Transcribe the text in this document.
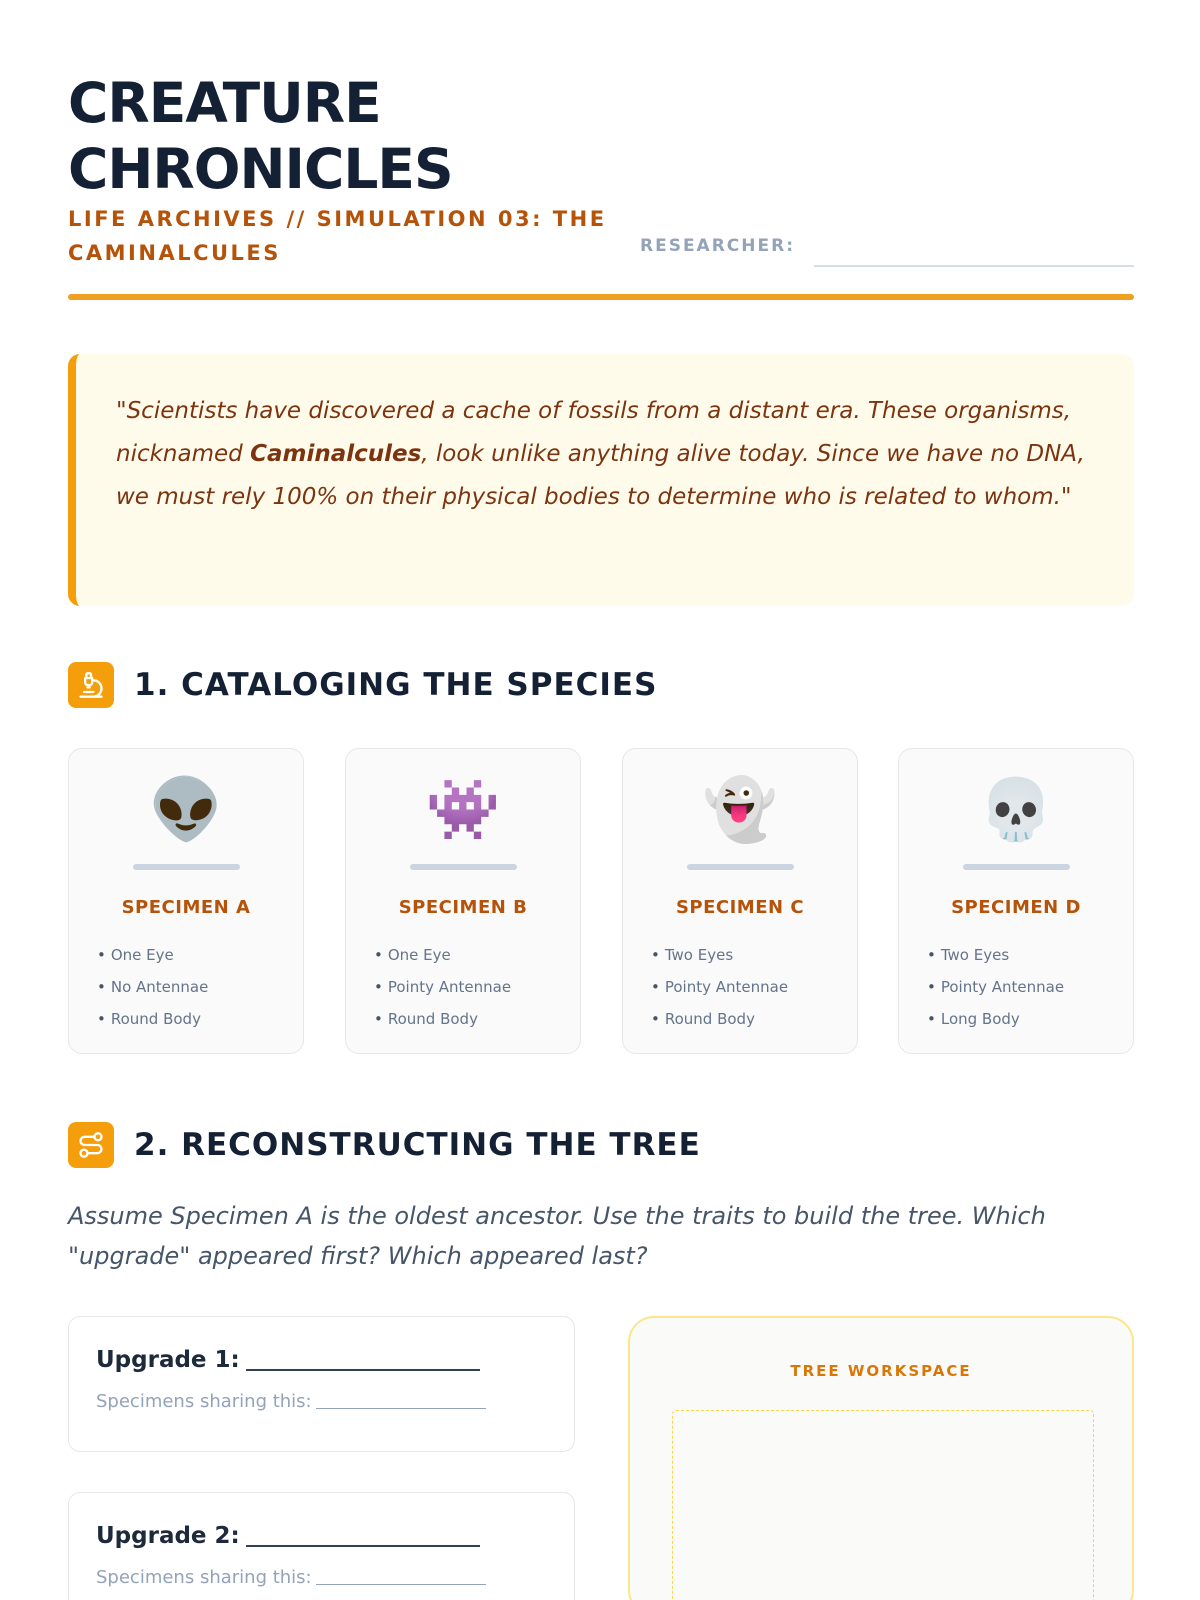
CREATURE
CHRONICLES
LIFE ARCHIVES // SIMULATION 03: THE CAMINALCULES	RESEARCHER:

"Scientists have discovered a cache of fossils from a distant era. These organisms, nicknamed Caminalcules, look unlike anything alive today. Since we have no DNA, we must rely 100% on their physical bodies to determine who is related to whom."

1. CATALOGING THE SPECIES
👽
SPECIMEN A
• One Eye
• No Antennae
• Round Body
👾
SPECIMEN B
• One Eye
• Pointy Antennae
• Round Body
👻
SPECIMEN C
• Two Eyes
• Pointy Antennae
• Round Body
💀
SPECIMEN D
• Two Eyes
• Pointy Antennae
• Long Body
2. RECONSTRUCTING THE TREE

Assume Specimen A is the oldest ancestor. Use the traits to build the tree. Which "upgrade" appeared first? Which appeared last?

Upgrade 1:
Specimens sharing this:
Upgrade 2:
Specimens sharing this:
TREE WORKSPACE
